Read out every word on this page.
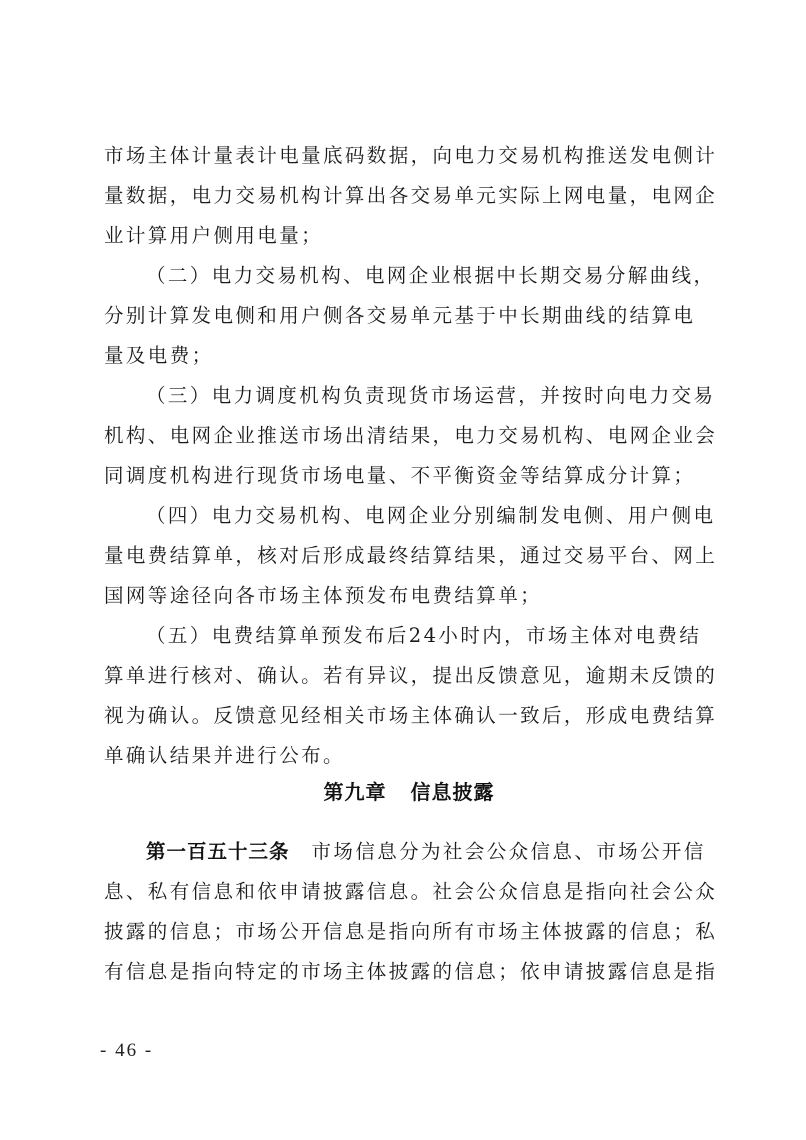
市场主体计量表计电量底码数据，向电力交易机构推送发电侧计
量数据，电力交易机构计算出各交易单元实际上网电量，电网企
业计算用户侧用电量；
（二）电力交易机构、电网企业根据中长期交易分解曲线，
分别计算发电侧和用户侧各交易单元基于中长期曲线的结算电
量及电费；
（三）电力调度机构负责现货市场运营，并按时向电力交易
机构、电网企业推送市场出清结果，电力交易机构、电网企业会
同调度机构进行现货市场电量、不平衡资金等结算成分计算；
（四）电力交易机构、电网企业分别编制发电侧、用户侧电
量电费结算单，核对后形成最终结算结果，通过交易平台、网上
国网等途径向各市场主体预发布电费结算单；
（五）电费结算单预发布后24小时内，市场主体对电费结
算单进行核对、确认。若有异议，提出反馈意见，逾期未反馈的
视为确认。反馈意见经相关市场主体确认一致后，形成电费结算
单确认结果并进行公布。
第九章 信息披露
第一百五十三条 市场信息分为社会公众信息、市场公开信
息、私有信息和依申请披露信息。社会公众信息是指向社会公众
披露的信息；市场公开信息是指向所有市场主体披露的信息；私
有信息是指向特定的市场主体披露的信息；依申请披露信息是指
- 46 -
